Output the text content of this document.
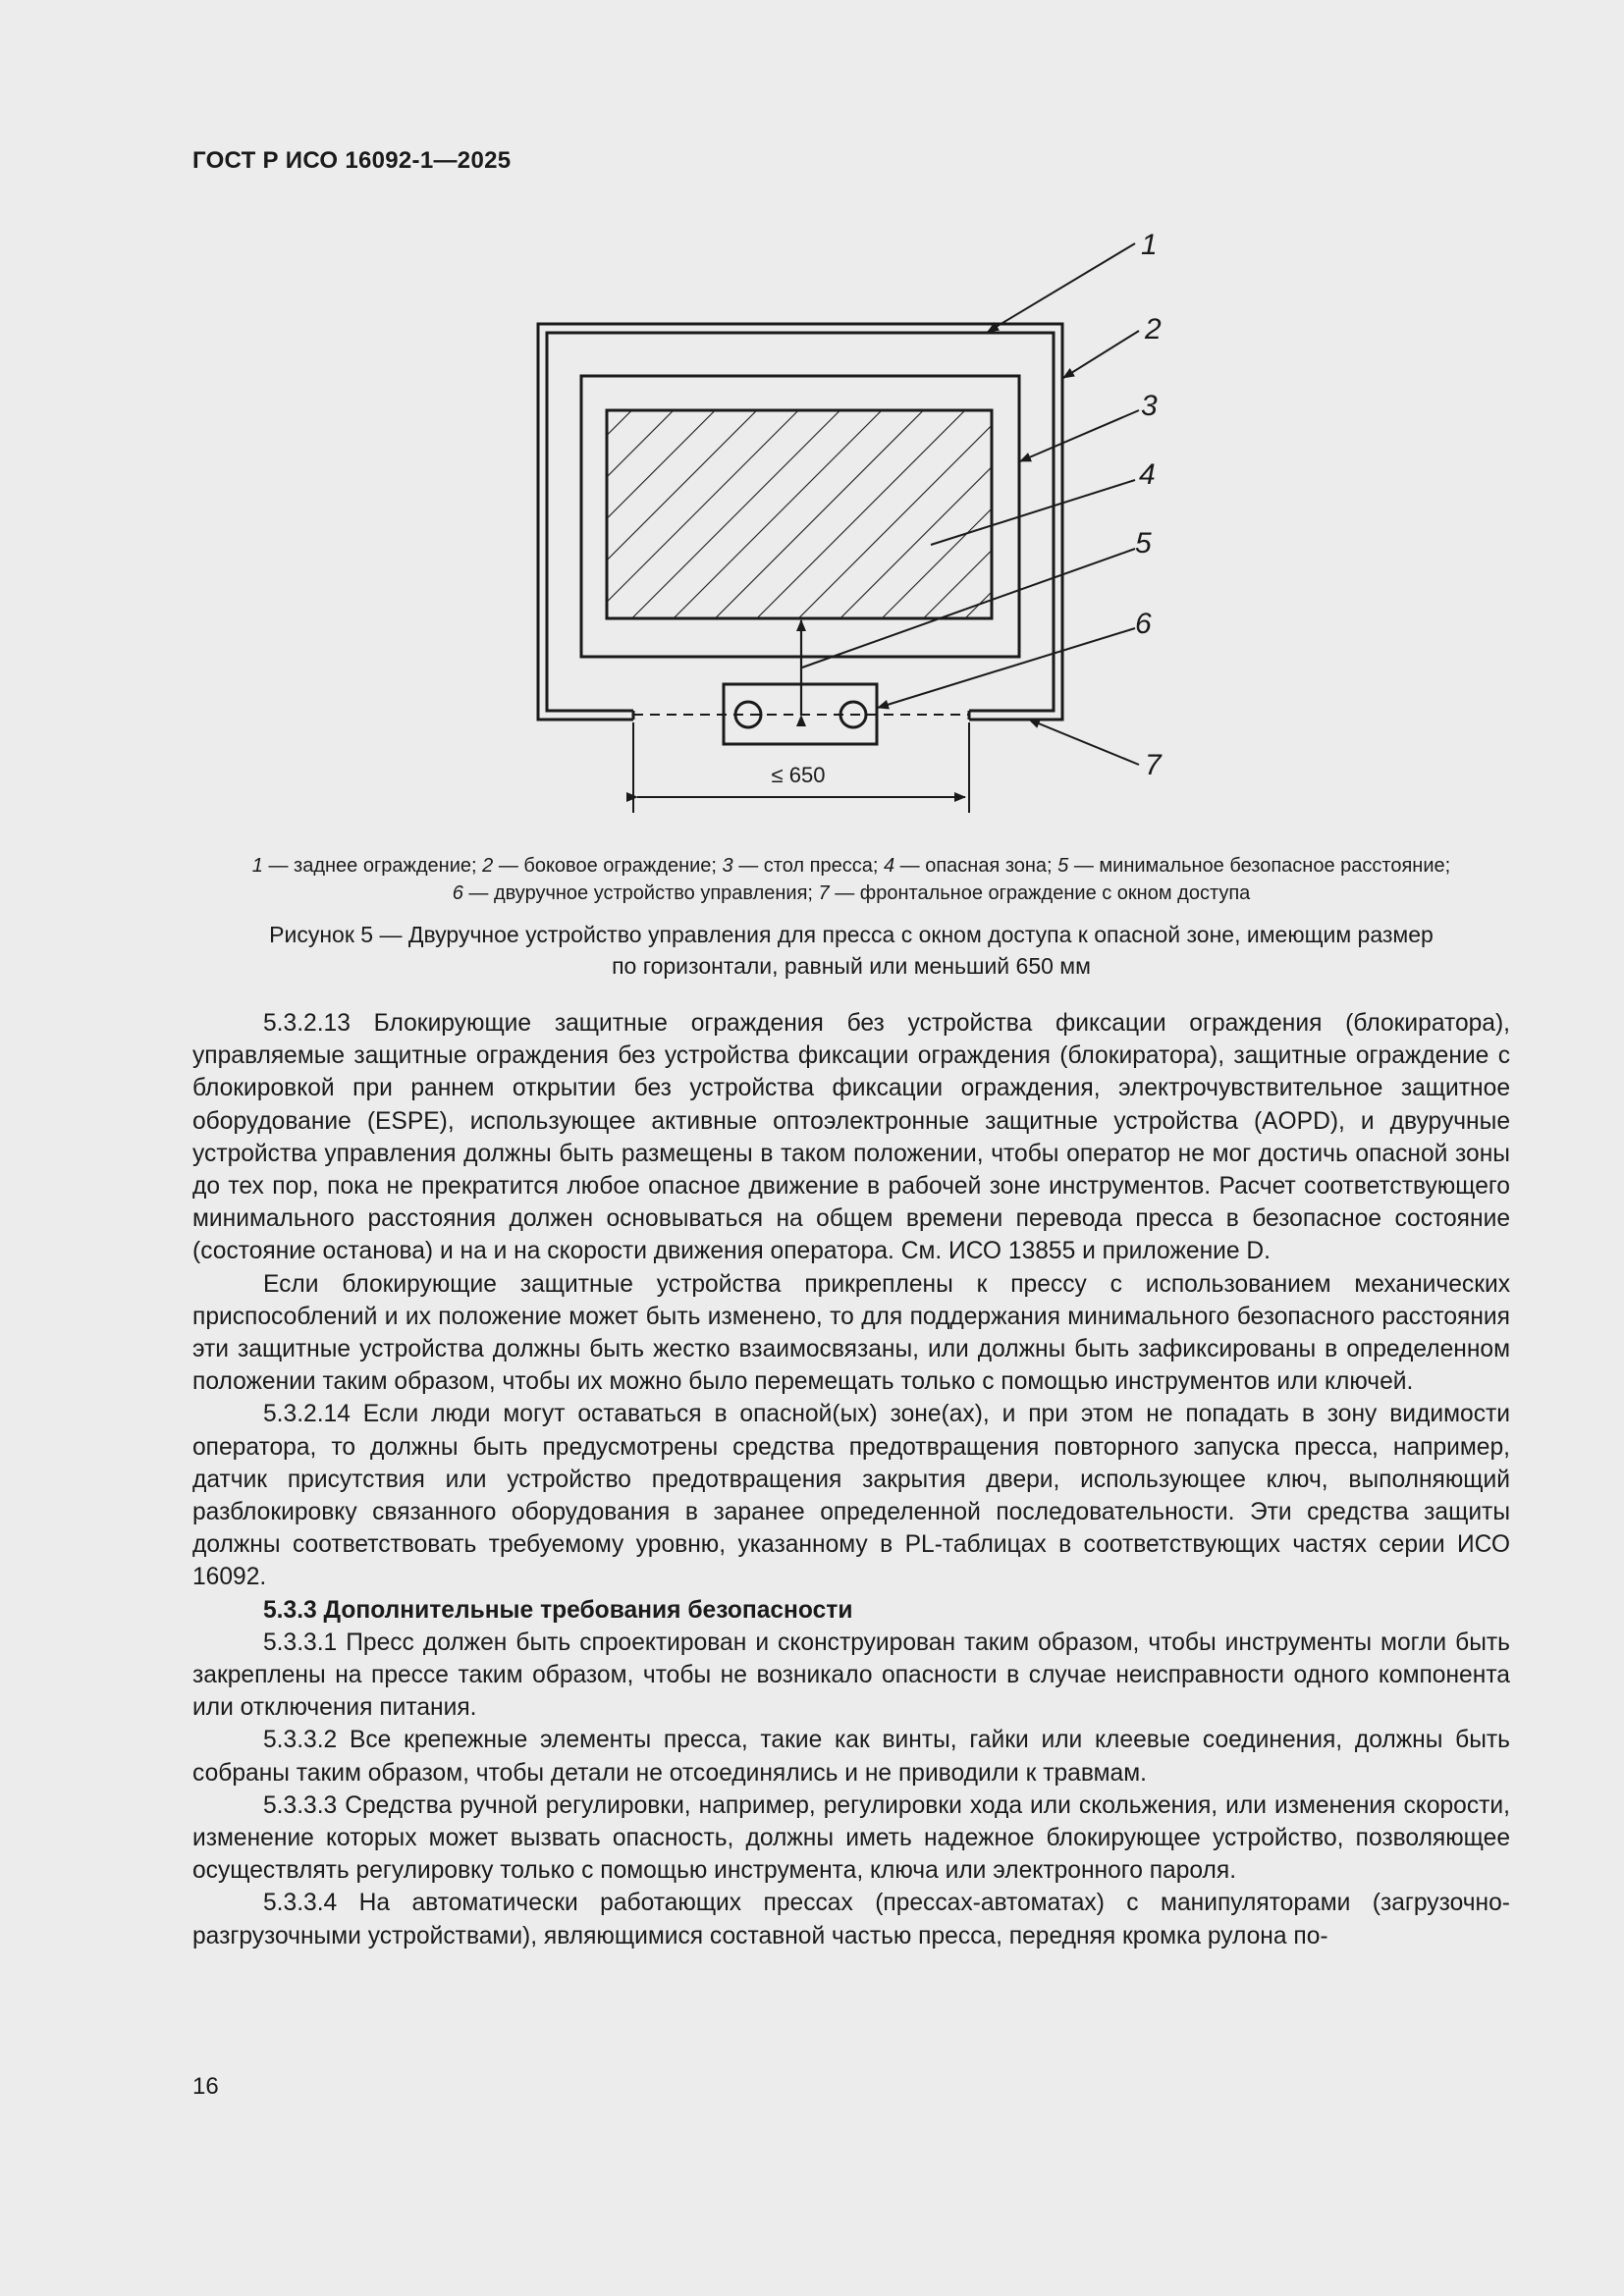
ГОСТ Р ИСО 16092-1—2025
≤ 650
1
2
3
4
5
6
7
1 — заднее ограждение; 2 — боковое ограждение; 3 — стол пресса; 4 — опасная зона; 5 — минимальное безопасное расстояние;
6 — двуручное устройство управления; 7 — фронтальное ограждение с окном доступа
Рисунок 5 — Двуручное устройство управления для пресса с окном доступа к опасной зоне, имеющим размер
по горизонтали, равный или меньший 650 мм

5.3.2.13 Блокирующие защитные ограждения без устройства фиксации ограждения (блокиратора), управляемые защитные ограждения без устройства фиксации ограждения (блокиратора), защитные ограждение с блокировкой при раннем открытии без устройства фиксации ограждения, электрочувствительное защитное оборудование (ESPE), использующее активные оптоэлектронные защитные устройства (AOPD), и двуручные устройства управления должны быть размещены в таком положении, чтобы оператор не мог достичь опасной зоны до тех пор, пока не прекратится любое опасное движение в рабочей зоне инструментов. Расчет соответствующего минимального расстояния должен основываться на общем времени перевода пресса в безопасное состояние (состояние останова) и на и на скорости движения оператора. См. ИСО 13855 и приложение D.

Если блокирующие защитные устройства прикреплены к прессу с использованием механических приспособлений и их положение может быть изменено, то для поддержания минимального безопасного расстояния эти защитные устройства должны быть жестко взаимосвязаны, или должны быть зафиксированы в определенном положении таким образом, чтобы их можно было перемещать только с помощью инструментов или ключей.

5.3.2.14 Если люди могут оставаться в опасной(ых) зоне(ах), и при этом не попадать в зону видимости оператора, то должны быть предусмотрены средства предотвращения повторного запуска пресса, например, датчик присутствия или устройство предотвращения закрытия двери, использующее ключ, выполняющий разблокировку связанного оборудования в заранее определенной последовательности. Эти средства защиты должны соответствовать требуемому уровню, указанному в PL-таблицах в соответствующих частях серии ИСО 16092.

5.3.3 Дополнительные требования безопасности

5.3.3.1 Пресс должен быть спроектирован и сконструирован таким образом, чтобы инструменты могли быть закреплены на прессе таким образом, чтобы не возникало опасности в случае неисправности одного компонента или отключения питания.

5.3.3.2 Все крепежные элементы пресса, такие как винты, гайки или клеевые соединения, должны быть собраны таким образом, чтобы детали не отсоединялись и не приводили к травмам.

5.3.3.3 Средства ручной регулировки, например, регулировки хода или скольжения, или изменения скорости, изменение которых может вызвать опасность, должны иметь надежное блокирующее устройство, позволяющее осуществлять регулировку только с помощью инструмента, ключа или электронного пароля.

5.3.3.4 На автоматически работающих прессах (прессах-автоматах) с манипуляторами (загрузочно-разгрузочными устройствами), являющимися составной частью пресса, передняя кромка рулона по-

16
